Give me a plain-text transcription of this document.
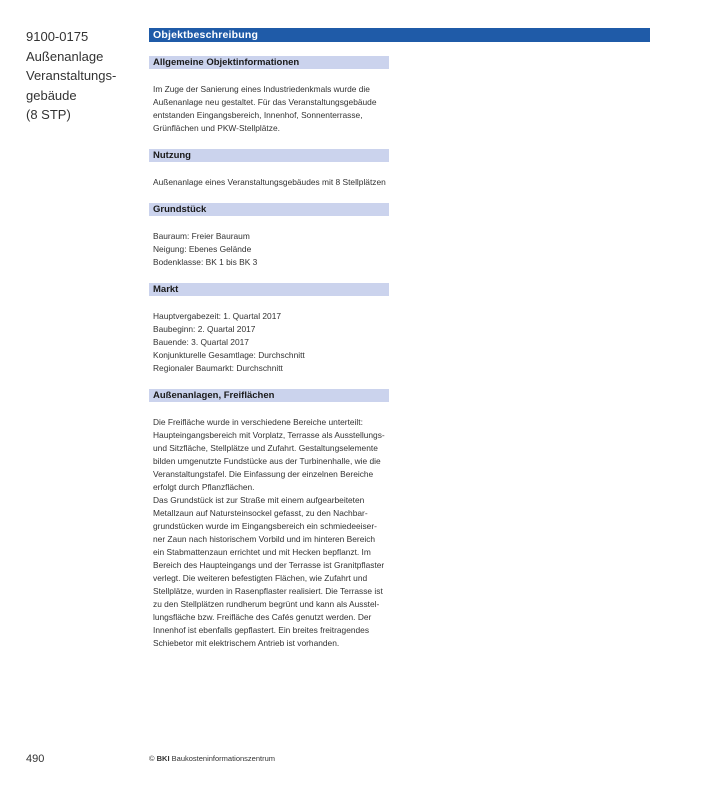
9100-0175
Außenanlage
Veranstaltungs-
gebäude
(8 STP)
Objektbeschreibung
Allgemeine Objektinformationen
Im Zuge der Sanierung eines Industriedenkmals wurde die
Außenanlage neu gestaltet. Für das Veranstaltungsgebäude
entstanden Eingangsbereich, Innenhof, Sonnenterrasse,
Grünflächen und PKW-Stellplätze.
Nutzung
Außenanlage eines Veranstaltungsgebäudes mit 8 Stellplätzen
Grundstück
Bauraum: Freier Bauraum
Neigung: Ebenes Gelände
Bodenklasse: BK 1 bis BK 3
Markt
Hauptvergabezeit: 1. Quartal 2017
Baubeginn: 2. Quartal 2017
Bauende: 3. Quartal 2017
Konjunkturelle Gesamtlage: Durchschnitt
Regionaler Baumarkt: Durchschnitt
Außenanlagen, Freiflächen
Die Freifläche wurde in verschiedene Bereiche unterteilt:
Haupteingangsbereich mit Vorplatz, Terrasse als Ausstellungs-
und Sitzfläche, Stellplätze und Zufahrt. Gestaltungselemente
bilden umgenutzte Fundstücke aus der Turbinenhalle, wie die
Veranstaltungstafel. Die Einfassung der einzelnen Bereiche
erfolgt durch Pflanzflächen.
Das Grundstück ist zur Straße mit einem aufgearbeiteten
Metallzaun auf Natursteinsockel gefasst, zu den Nachbar-
grundstücken wurde im Eingangsbereich ein schmiedeeiser-
ner Zaun nach historischem Vorbild und im hinteren Bereich
ein Stabmattenzaun errichtet und mit Hecken bepflanzt. Im
Bereich des Haupteingangs und der Terrasse ist Granitpflaster
verlegt. Die weiteren befestigten Flächen, wie Zufahrt und
Stellplätze, wurden in Rasenpflaster realisiert. Die Terrasse ist
zu den Stellplätzen rundherum begrünt und kann als Ausstel-
lungsfläche bzw. Freifläche des Cafés genutzt werden. Der
Innenhof ist ebenfalls gepflastert. Ein breites freitragendes
Schiebetor mit elektrischem Antrieb ist vorhanden.
490	© BKI Baukosteninformationszentrum
